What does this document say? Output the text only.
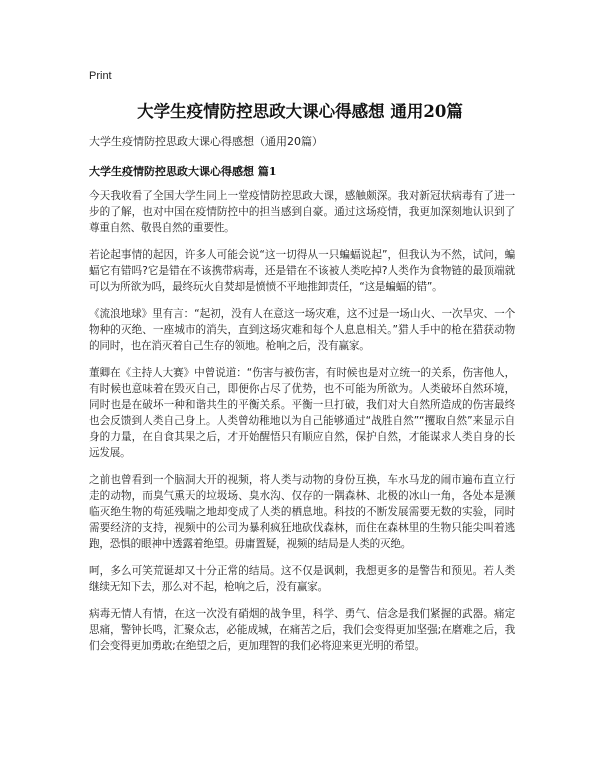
Print
大学生疫情防控思政大课心得感想 通用20篇
大学生疫情防控思政大课心得感想（通用20篇）
大学生疫情防控思政大课心得感想 篇1

今天我收看了全国大学生同上一堂疫情防控思政大课，感触颇深。我对新冠状病毒有了进一步的了解，也对中国在疫情防控中的担当感到自豪。通过这场疫情，我更加深刻地认识到了尊重自然、敬畏自然的重要性。

若论起事情的起因，许多人可能会说“这一切得从一只蝙蝠说起”，但我认为不然，试问，蝙蝠它有错吗?它是错在不该携带病毒，还是错在不该被人类吃掉?人类作为食物链的最顶端就可以为所欲为吗，最终玩火自焚却是愤愤不平地推卸责任，“这是蝙蝠的错”。

《流浪地球》里有言：“起初，没有人在意这一场灾难，这不过是一场山火、一次旱灾、一个物种的灭绝、一座城市的消失，直到这场灾难和每个人息息相关。”猎人手中的枪在猎获动物的同时，也在消灭着自己生存的领地。枪响之后，没有赢家。

董卿在《主持人大赛》中曾说道：“伤害与被伤害，有时候也是对立统一的关系，伤害他人，有时候也意味着在毁灭自己，即便你占尽了优势，也不可能为所欲为。人类破坏自然环境，同时也是在破坏一种和谐共生的平衡关系。平衡一旦打破，我们对大自然所造成的伤害最终也会反馈到人类自己身上。人类曾幼稚地以为自己能够通过“战胜自然”“攫取自然”来显示自身的力量，在自食其果之后，才开始醒悟只有顺应自然，保护自然，才能谋求人类自身的长远发展。

之前也曾看到一个脑洞大开的视频，将人类与动物的身份互换，车水马龙的闹市遍布直立行走的动物，而臭气熏天的垃圾场、臭水沟、仅存的一隅森林、北极的冰山一角，各处本是濒临灭绝生物的苟延残喘之地却变成了人类的栖息地。科技的不断发展需要无数的实验，同时需要经济的支持，视频中的公司为暴利疯狂地砍伐森林，而住在森林里的生物只能尖叫着逃跑，恐惧的眼神中透露着绝望。毋庸置疑，视频的结局是人类的灭绝。

呵，多么可笑荒诞却又十分正常的结局。这不仅是讽刺，我想更多的是警告和预见。若人类继续无知下去，那么对不起，枪响之后，没有赢家。

病毒无情人有情，在这一次没有硝烟的战争里，科学、勇气、信念是我们紧握的武器。痛定思痛，警钟长鸣，汇聚众志，必能成城，在痛苦之后，我们会变得更加坚强;在磨难之后，我们会变得更加勇敢;在绝望之后，更加理智的我们必将迎来更光明的希望。
